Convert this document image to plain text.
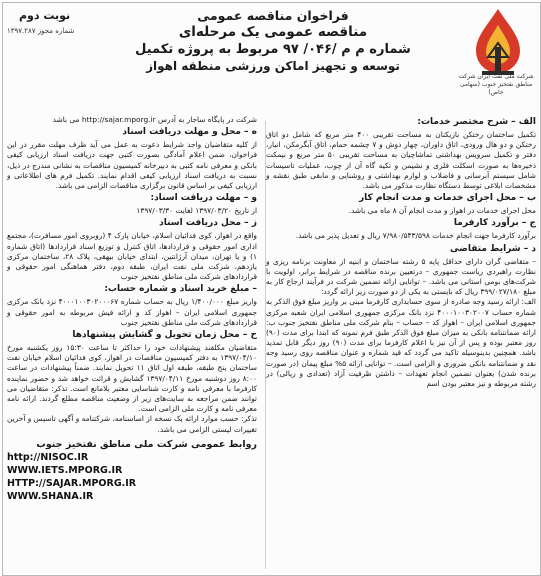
نوبت دوم
شماره مجوز ۱۳۹۷.۲۸۷
فراخوان مناقصه عمومی
مناقصه عمومی یک مرحله‌ای
شماره م م /۰۴۶/ ۹۷ مربوط به پروژه تکمیل
توسعه و تجهیز اماکن ورزشی منطقه اهواز
شرکت ملی نفت ایران شرکت مناطق نفتخیز جنوب (سهامی خاص)
الف – شرح مختصر خدمات:

تکمیل ساختمان رختکن بازیکنان به مساحت تقریبی ۴۰۰ متر مربع که شامل دو اتاق رختکن و دو هال ورودی، اتاق داوران، چهار دوش و ۷ چشمه حمام، اتاق آبگرمکن، انبار، دفتر و تکمیل سرویس بهداشتی تماشاچیان به مساحت تقریبی ۵۰ متر مربع و نیمکت ذخیره‌ها به صورت اسکلت فلزی و نشیمن و تکیه گاه آن از چوب، عملیات تاسیسات شامل سیستم آبرسانی و فاضلاب و لوازم بهداشتی و روشنایی و مابقی طبق نقشه و مشخصات ابلاغی توسط دستگاه نظارت مذکور می باشد.

ب – محل اجرای خدمات و مدت انجام کار

محل اجرای خدمات در اهواز و مدت انجام آن ۸ ماه می باشد.

ج – برآورد کارفرما

برآورد کارفرما جهت انجام خدمات ۷/۹۸۰/۵۴۳/۵۹۸ ریال و تعدیل پذیر می باشد.

د – شرایط متقاضی

– متقاضی گران دارای حداقل پایه ۵ رشته ساختمان و ابنیه از معاونت برنامه ریزی و نظارت راهبردی ریاست جمهوری – درتعیین برنده مناقصه در شرایط برابر، اولویت با شرکت‌های بومی استانی می باشد. – توانایی ارائه تضمین شرکت در فرآیند ارجاع کار به مبلغ ۳۹۹/۰۲۷/۱۸۰ ریال که بایستی به یکی از دو صورت زیر ارائه گردد:

الف: ارائه رسید وجه صادره از سوی حسابداری کارفرما مبنی بر واریز مبلغ فوق الذکر به شماره حساب ۴۰۰۰۱۰۰۳۰۲۰۰۷ نزد بانک مرکزی جمهوری اسلامی ایران شعبه مرکزی جمهوری اسلامی ایران – اهواز کد – حساب – بنام شرکت ملی مناطق نفتخیز جنوب ب: ارائه ضمانتنامه بانکی به میزان مبلغ فوق الذکر طبق فرم نمونه که ابتدا برای مدت (۹۰) روز معتبر بوده و پس از آن نیز با اعلام کارفرما برای مدت (۹۰) روز دیگر قابل تمدید باشد. همچنین بدینوسیله تاکید می گردد که قید شماره و عنوان مناقصه روی رسید وجه نقد و ضمانتنامه بانکی ضروری و الزامی است. – توانایی ارائه ۵% مبلغ پیمان (در صورت برنده شدن) بعنوان تضمین انجام تعهدات – داشتن ظرفیت آزاد (تعدادی و ریالی) در رشته مربوطه و نیز معتبر بودن اسم

شرکت در پایگاه ساجار به آدرس http://sajar.mporg.ir می باشد

ه – محل و مهلت دریافت اسناد

از کلیه متقاضیان واجد شرایط دعوت به عمل می آید ظرف مهلت مقرر در این فراخوان، ضمن اعلام آمادگی بصورت کتبی جهت دریافت اسناد ارزیابی کیفی بانکی و معرفی نامه کتبی به دبیرخانه کمیسیون مناقصات به نشانی مندرج در ذیل، نسبت به دریافت اسناد ارزیابی کیفی اقدام نمایند. تکمیل فرم های اطلاعاتی و ارزیابی کیفی بر اساس قانون برگزاری مناقصات الزامی می باشد.

و – مهلت دریافت اسناد:

از تاریخ ۱۳۹۷/۰۳/۲۰ لغایت ۱۳۹۷/۰۳/۳۰

ز – محل دریافت اسناد

واقع در اهواز، کوی فدائیان اسلام، خیابان پارک ۴ (روبروی امور مسافرت)، مجتمع اداری امور حقوقی و قراردادها، اتاق کنترل و توزیع اسناد قراردادها (اتاق شماره ۱) و یا تهران، میدان آرژانتین، ابتدای خیابان بیهقی، پلاک ۲۸، ساختمان مرکزی یازدهم، شرکت ملی نفت ایران، طبقه دوم، دفتر هماهنگی امور حقوقی و قراردادهای شرکت ملی مناطق نفتخیز جنوب

– مبلغ خرید اسناد و شماره حساب:

واریز مبلغ ۱/۴۰۰/۰۰۰ ریال به حساب شماره ۴۰۰۰۱۰۰۳۰۲۰۰۰۶۷ نزد بانک مرکزی جمهوری اسلامی ایران – اهواز کد و ارائه فیش مربوطه به امور حقوقی و قراردادهای شرکت ملی مناطق نفتخیز جنوب

ح – محل زمان تحویل و گشایش پیشنهادها

متقاضیان مکلفند پیشنهادات خود را حداکثر تا ساعت ۱۵:۳۰ روز یکشنبه مورخ ۱۳۹۷/۰۴/۱۰ به دفتر کمیسیون مناقصات در اهواز، کوی فدائیان اسلام خیابان نفت ساختمان پنج طبقه، طبقه اول اتاق ۱۱ تحویل نمایند. ضمناً پیشنهادات در ساعت ۸:۰۰ روز دوشنبه مورخ ۱۳۹۷/۰۴/۱۱ گشایش و قرائت خواهد شد و حضور نماینده کارفرما با معرفی نامه و کارت شناسایی معتبر بلامانع است. تذکر: متقاضیان می توانند ضمن مراجعه به سایت‌های زیر از وضعیت مناقصه مطلع گردند. ارائه نامه معرفی نامه و کارت ملی الزامی است.

تذکر: حسب موارد ارائه یک نسخه از اساسنامه، شرکتنامه و آگهی تاسیس و آخرین تغییرات لیستی الزامی می باشد.

روابط عمومی شرکت ملی مناطق نفتخیز جنوب
http://NISOC.IR
WWW.IETS.MPORG.IR
HTTP://SAJAR.MPORG.IR
WWW.SHANA.IR
